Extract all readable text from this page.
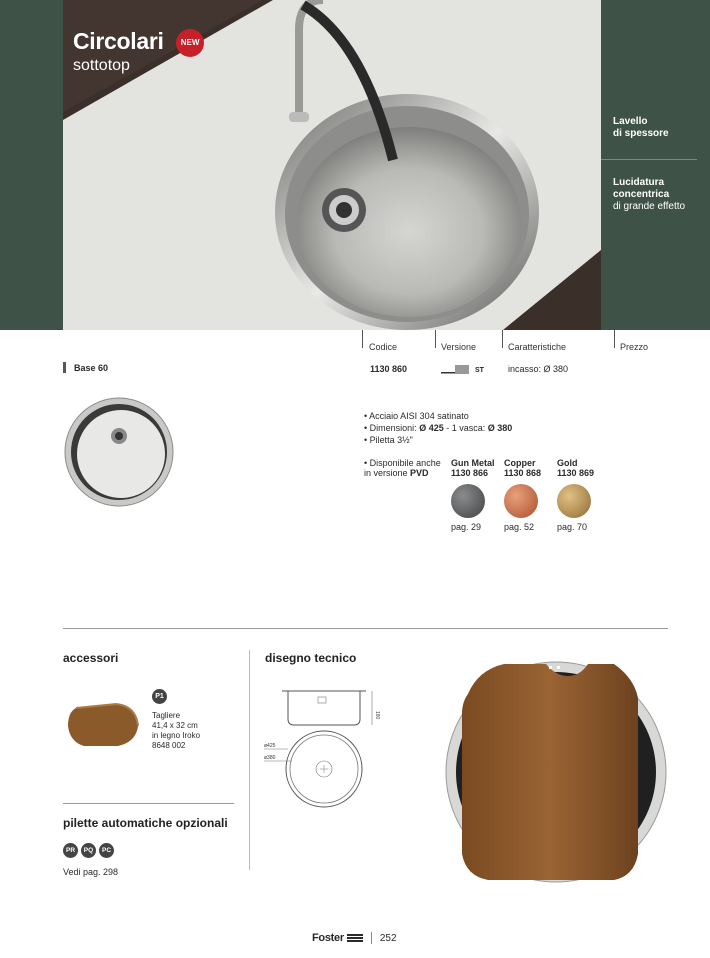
Circolari NEW
sottotop
Lavello
di spessore
Lucidatura
concentrica
di grande effetto
Codice	Versione	Caratteristiche	Prezzo
Base 60	1130 860	ST	incasso: Ø 380
• Acciaio AISI 304 satinato
• Dimensioni: Ø 425 - 1 vasca: Ø 380
• Piletta 3½"
• Disponibile anche in versione PVD
Gun Metal
1130 866
Copper
1130 868
Gold
1130 869
pag. 29	pag. 52	pag. 70
accessori
P1
Tagliere
41,4 x 32 cm
in legno Iroko
8648 002
pilette automatiche opzionali
PR	PQ	PC
Vedi pag. 298
disegno tecnico
180
ø425
ø380
Foster	252
